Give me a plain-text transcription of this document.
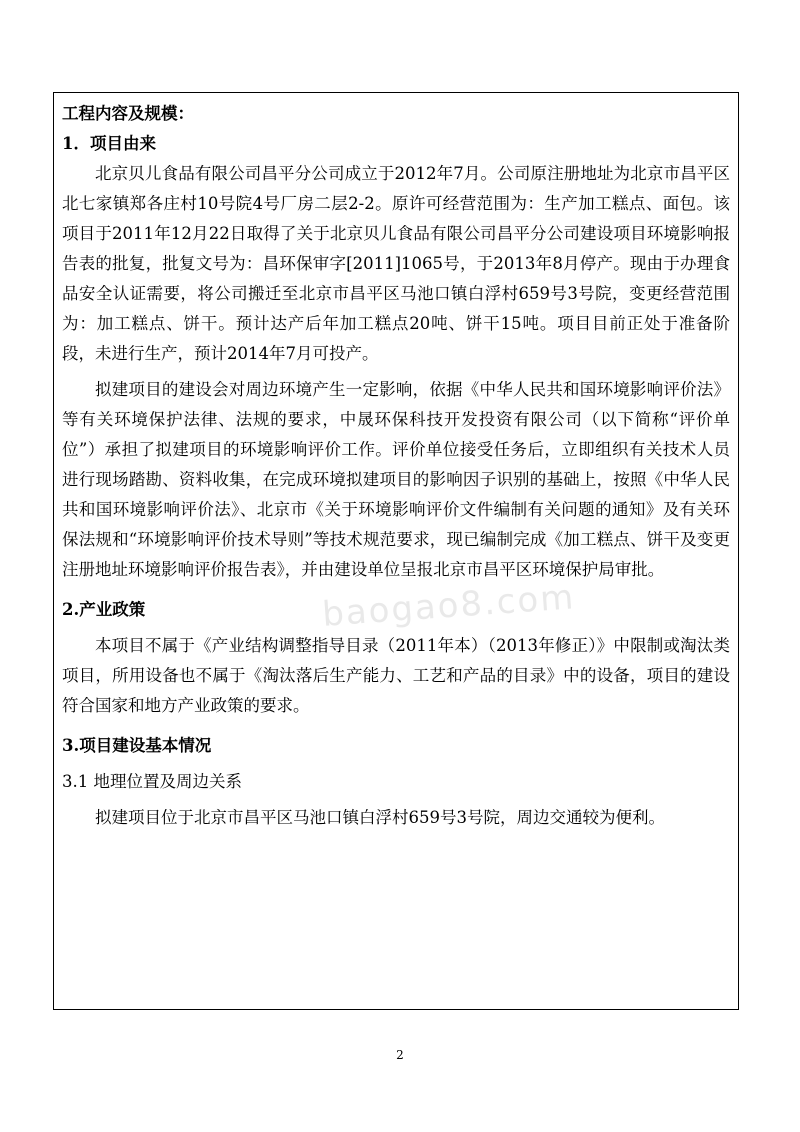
工程内容及规模：

1．项目由来

北京贝儿食品有限公司昌平分公司成立于2012年7月。公司原注册地址为北京市昌平区北七家镇郑各庄村10号院4号厂房二层2-2。原许可经营范围为：生产加工糕点、面包。该项目于2011年12月22日取得了关于北京贝儿食品有限公司昌平分公司建设项目环境影响报告表的批复，批复文号为：昌环保审字[2011]1065号，于2013年8月停产。现由于办理食品安全认证需要，将公司搬迁至北京市昌平区马池口镇白浮村659号3号院，变更经营范围为：加工糕点、饼干。预计达产后年加工糕点20吨、饼干15吨。项目目前正处于准备阶段，未进行生产，预计2014年7月可投产。

拟建项目的建设会对周边环境产生一定影响，依据《中华人民共和国环境影响评价法》等有关环境保护法律、法规的要求，中晟环保科技开发投资有限公司（以下简称“评价单位”）承担了拟建项目的环境影响评价工作。评价单位接受任务后，立即组织有关技术人员进行现场踏勘、资料收集，在完成环境拟建项目的影响因子识别的基础上，按照《中华人民共和国环境影响评价法》、北京市《关于环境影响评价文件编制有关问题的通知》及有关环保法规和“环境影响评价技术导则”等技术规范要求，现已编制完成《加工糕点、饼干及变更注册地址环境影响评价报告表》，并由建设单位呈报北京市昌平区环境保护局审批。

2.产业政策

本项目不属于《产业结构调整指导目录（2011年本）（2013年修正）》中限制或淘汰类项目，所用设备也不属于《淘汰落后生产能力、工艺和产品的目录》中的设备，项目的建设符合国家和地方产业政策的要求。

3.项目建设基本情况

3.1 地理位置及周边关系

拟建项目位于北京市昌平区马池口镇白浮村659号3号院，周边交通较为便利。

baogao8.com
2
